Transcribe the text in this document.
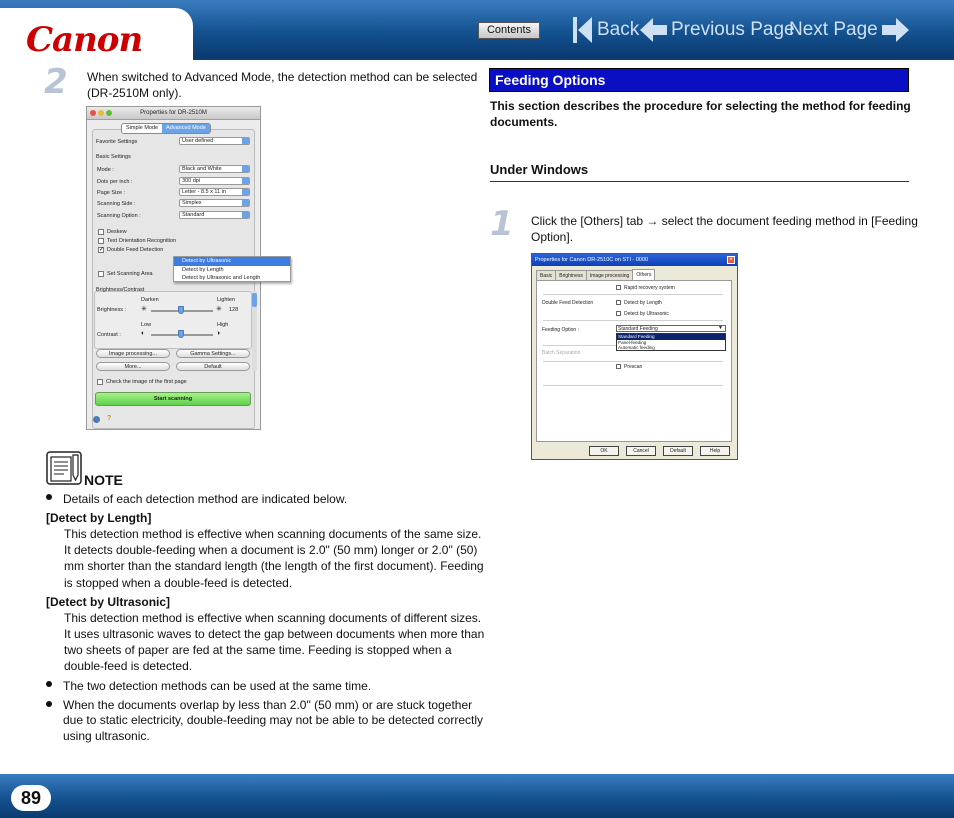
Canon	Contents	Back Previous Page
Next Page
2 When switched to Advanced Mode, the detection method can be selected
(DR-2510M only).
Properties for DR-2510M
Simple Mode	Advanced Mode
Favorite Settings	User defined
Basic Settings
Mode :	Black and White
Dots per inch :	300 dpi
Page Size :	Letter - 8.5 x 11 in
Scanning Side :	Simplex
Scanning Option :	Standard
Deskew
Text Orientation Recognition
✓
Double Feed Detection
Set Scanning Area
Detect by Ultrasonic
Detect by Length
Detect by Ultrasonic and Length
Brightness/Contrast
Darken	Lighten
Brightness : ✳	✳ 128
Low	High
Contrast :	◐	◑
Image processing...	Gamma Settings...
More...	Default
Check the image of the first page
Start scanning
?
NOTE
Details of each detection method are indicated below.
[Detect by Length]
This detection method is effective when scanning documents of the same size.
It detects double-feeding when a document is 2.0" (50 mm) longer or 2.0" (50)
mm shorter than the standard length (the length of the first document). Feeding
is stopped when a double-feed is detected.
[Detect by Ultrasonic]
This detection method is effective when scanning documents of different sizes.
It uses ultrasonic waves to detect the gap between documents when more than
two sheets of paper are fed at the same time. Feeding is stopped when a
double-feed is detected.
The two detection methods can be used at the same time.
When the documents overlap by less than 2.0" (50 mm) or are stuck together
due to static electricity, double-feeding may not be able to be detected correctly
using ultrasonic.
Feeding Options
This section describes the procedure for selecting the method for feeding
documents.
Under Windows
1 Click the [Others] tab → select the document feeding method in [Feeding
Option].
Properties for Canon DR-2510C on STI - 0000	×
Basic	Brightness	Image processing	Others
Rapid recovery system
Double Feed Detection	Detect by Length
Detect by Ultrasonic
Feeding Option :	Standard Feeding	▼
Standard Feeding
Panel-feeding
Automatic feeding
Batch Separation
Prescan
OK	Cancel	Default	Help
89
